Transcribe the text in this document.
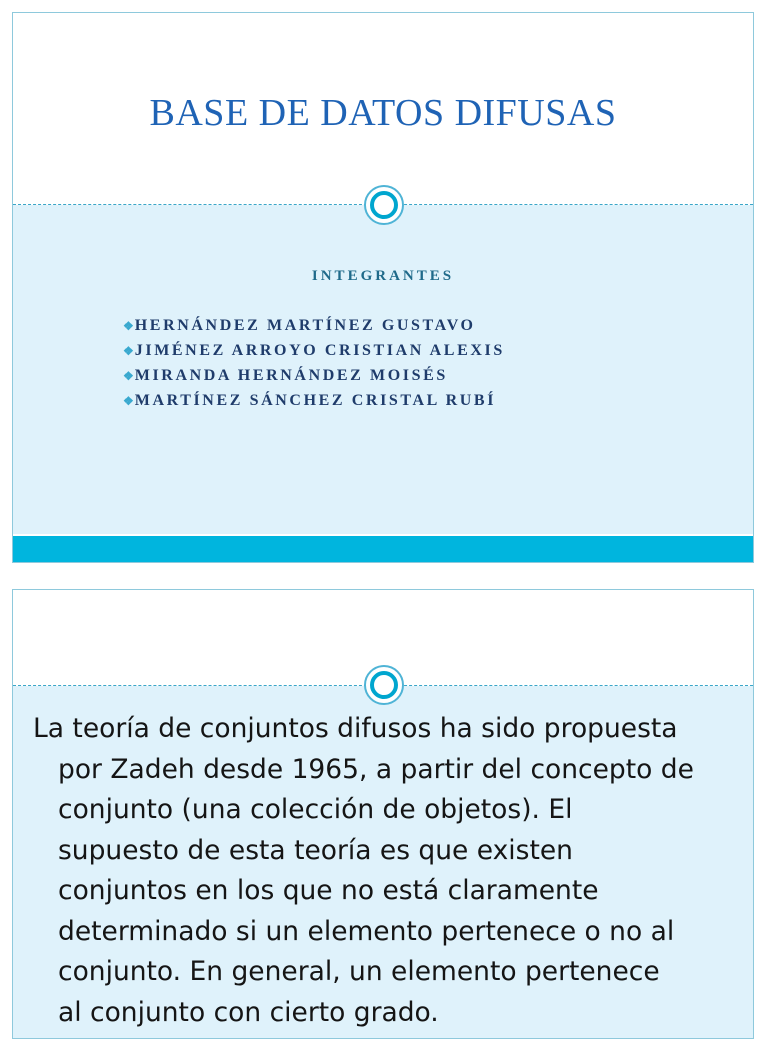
BASE DE DATOS DIFUSAS
INTEGRANTES
❖HERNÁNDEZ MARTÍNEZ GUSTAVO
❖JIMÉNEZ ARROYO CRISTIAN ALEXIS
❖MIRANDA HERNÁNDEZ MOISÉS
❖MARTÍNEZ SÁNCHEZ CRISTAL RUBÍ

La teoría de conjuntos difusos ha sido propuesta
por Zadeh desde 1965, a partir del concepto de
conjunto (una colección de objetos). El
supuesto de esta teoría es que existen
conjuntos en los que no está claramente
determinado si un elemento pertenece o no al
conjunto. En general, un elemento pertenece
al conjunto con cierto grado.
